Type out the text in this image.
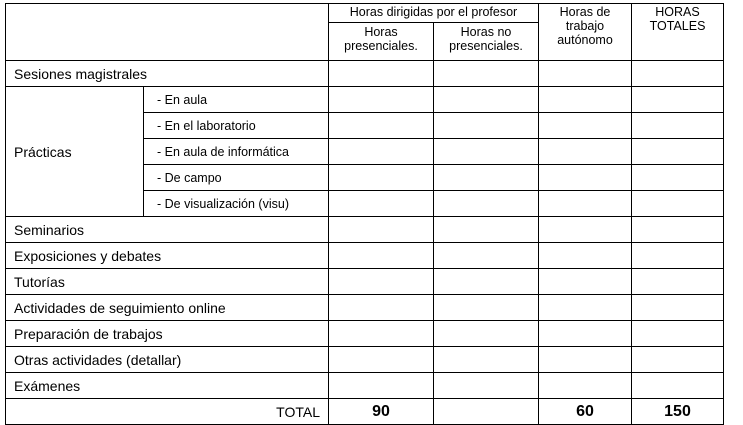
		Horas dirigidas por el profesor		Horas de trabajo autónomo	HORAS TOTALES
		Horas presenciales.	Horas no presenciales.		
Sesiones magistrales					
Prácticas	- En aula				
	- En el laboratorio				
	- En aula de informática				
	- De campo				
	- De visualización (visu)				
Seminarios					
Exposiciones y debates					
Tutorías					
Actividades de seguimiento online					
Preparación de trabajos					
Otras actividades (detallar)					
Exámenes					
TOTAL		90		60	150
